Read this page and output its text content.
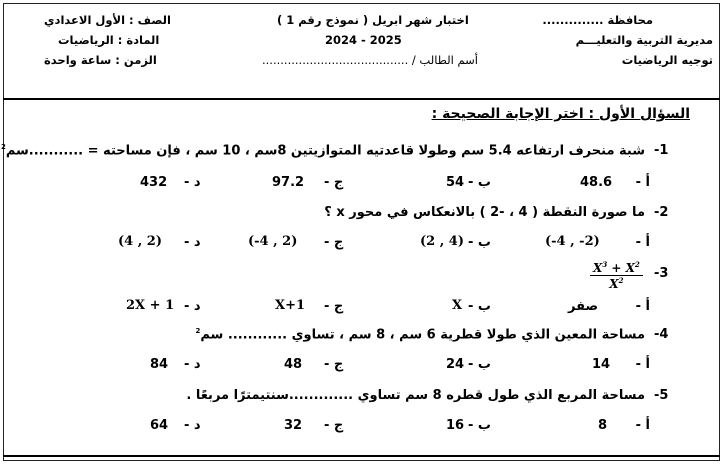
محافظة ..............
مديرية التربية والتعليـــم
توجيه الرياضيات
اختبار شهر ابريل ( نموذج رقم 1 )
2024 - 2025
أسم الطالب / ........................................
الصف : الأول الاعدادي
المادة : الرياضيات
الزمن : ساعة واحدة
السؤال الأول : اختر الإجابة الصحيحة :
-1
شبة منحرف ارتفاعه 5.4 سم وطولا قاعدتيه المتوازيتين 8سم ، 10 سم ، فإن مساحته = ...........سم$^2$
أ -
48.6
ب -
54
ج -
97.2
د -
432
-2
ما صورة النقطة ( 4 ، -2 ) بالانعكاس في محور x ؟
أ -
(-4 , -2)
ب -
(2 , 4)
ج -
(-4 , 2)
د -
(4 , 2)
-3
$\frac{X^3 + X^2}{X^2}$
أ -
صفر
ب -
X
ج -
X+1
د -
2X + 1
-4
مساحة المعين الذي طولا قطرية 6 سم ، 8 سم ، تساوي ............ سم$^2$
أ -
14
ب -
24
ج -
48
د -
84
-5
مساحة المربع الذي طول قطره 8 سم تساوي .............سنتيمترًا مربعًا .
أ -
8
ب -
16
ج -
32
د -
64
